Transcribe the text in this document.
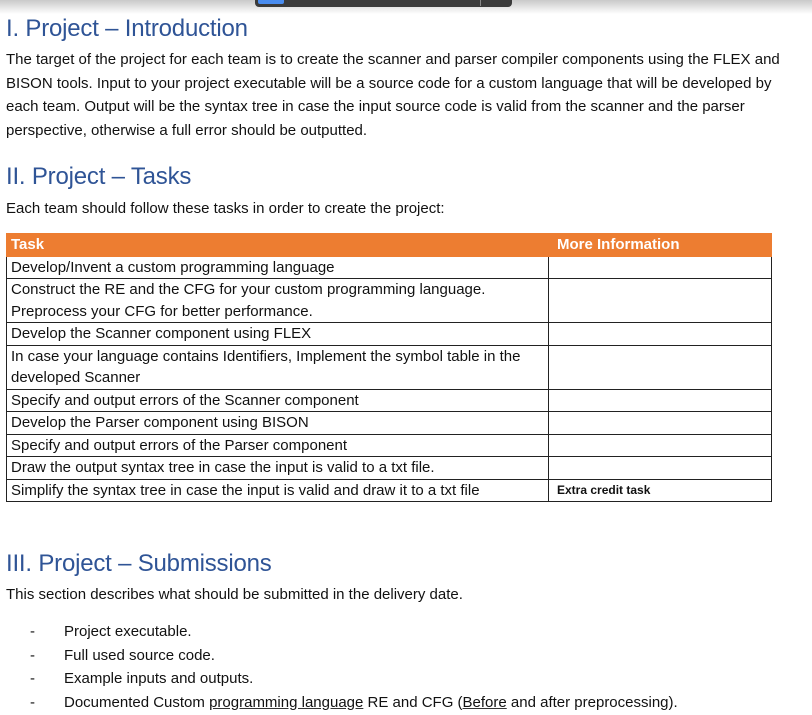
I. Project – Introduction

The target of the project for each team is to create the scanner and parser compiler components using the FLEX and BISON tools. Input to your project executable will be a source code for a custom language that will be developed by each team. Output will be the syntax tree in case the input source code is valid from the scanner and the parser perspective, otherwise a full error should be outputted.

II. Project – Tasks

Each team should follow these tasks in order to create the project:

Task	More Information
Develop/Invent a custom programming language	
Construct the RE and the CFG for your custom programming language.
Preprocess your CFG for better performance.	
Develop the Scanner component using FLEX	
In case your language contains Identifiers, Implement the symbol table in the developed Scanner	
Specify and output errors of the Scanner component	
Develop the Parser component using BISON	
Specify and output errors of the Parser component	
Draw the output syntax tree in case the input is valid to a txt file.	
Simplify the syntax tree in case the input is valid and draw it to a txt file	Extra credit task
III. Project – Submissions

This section describes what should be submitted in the delivery date.

- Project executable.
- Full used source code.
- Example inputs and outputs.
- Documented Custom programming language RE and CFG (Before and after preprocessing).
